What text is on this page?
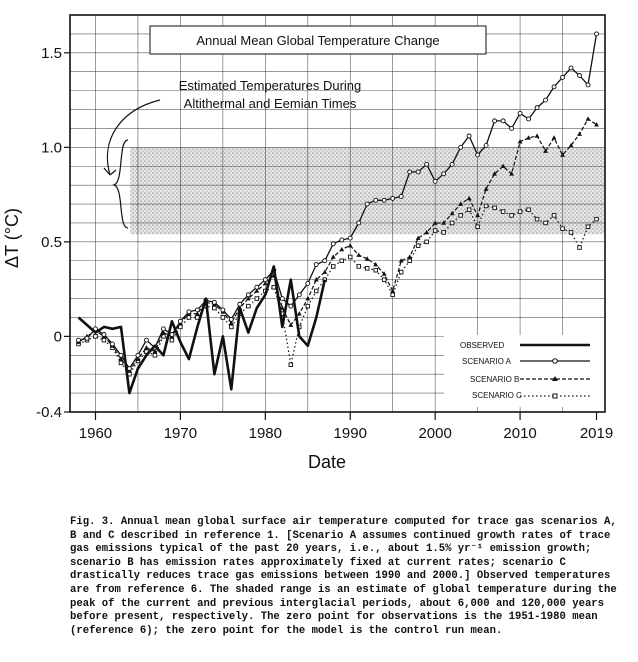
1960	1970	1980	1990	2000	2010	2019
-0.4
0
0.5
1.0
1.5
Annual Mean Global Temperature Change
Estimated Temperatures During
Altithermal and Eemian Times
OBSERVED
SCENARIO A
SCENARIO B
SCENARIO C
ΔT (°C)
Date

Fig. 3. Annual mean global surface air temperature computed for trace gas scenarios A, B and C described in reference 1. [Scenario A assumes continued growth rates of trace gas emissions typical of the past 20 years, i.e., about 1.5% yr⁻¹ emission growth; scenario B has emission rates approximately fixed at current rates; scenario C drastically reduces trace gas emissions between 1990 and 2000.] Observed temperatures are from reference 6. The shaded range is an estimate of global temperature during the peak of the current and previous interglacial periods, about 6,000 and 120,000 years before present, respectively. The zero point for observations is the 1951-1980 mean (reference 6); the zero point for the model is the control run mean.
